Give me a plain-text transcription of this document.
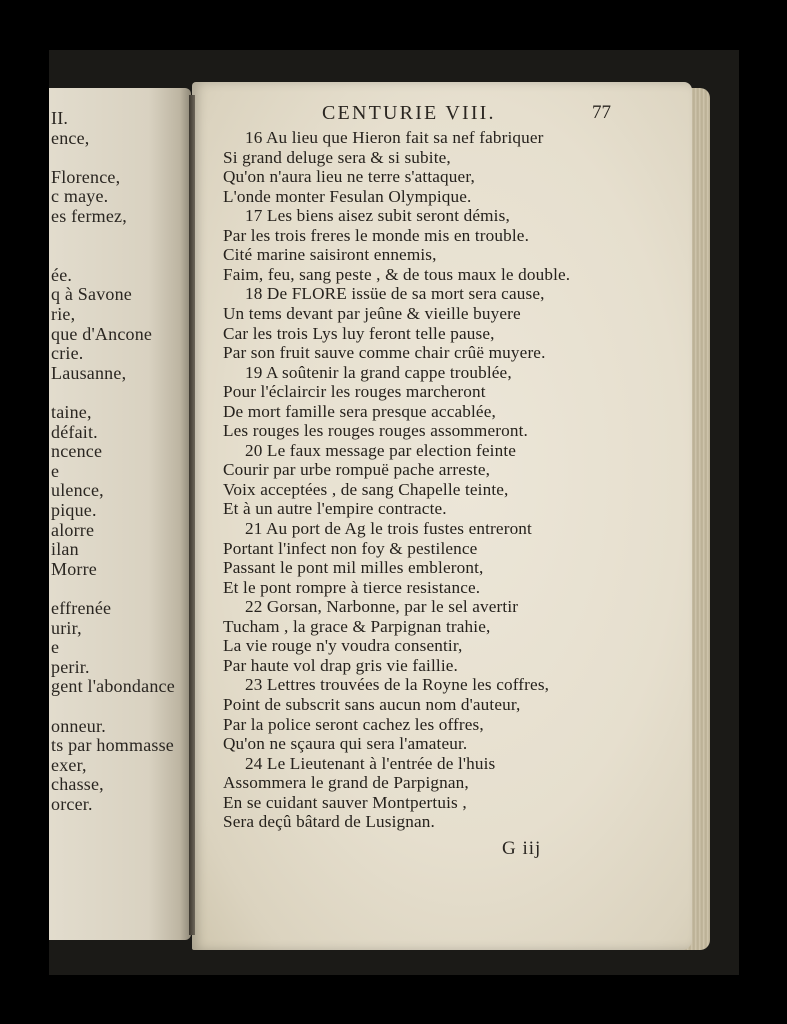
II.
ence,
Florence,
c maye.
es fermez,
ée.
q à Savone
rie,
que d'Ancone
crie.
Lausanne,
taine,
défait.
ncence
e
ulence,
pique.
alorre
ilan
Morre
effrenée
urir,
e
perir.
gent l'abondance
onneur.
ts par hommasse
exer,
chasse,
orcer.
CENTURIE VIII.	77
16 Au lieu que Hieron fait sa nef fabriquer
Si grand deluge sera & si subite,
Qu'on n'aura lieu ne terre s'attaquer,
L'onde monter Fesulan Olympique.
17 Les biens aisez subit seront démis,
Par les trois freres le monde mis en trouble.
Cité marine saisiront ennemis,
Faim, feu, sang peste , & de tous maux le double.
18 De FLORE issüe de sa mort sera cause,
Un tems devant par jeûne & vieille buyere
Car les trois Lys luy feront telle pause,
Par son fruit sauve comme chair crûë muyere.
19 A soûtenir la grand cappe troublée,
Pour l'éclaircir les rouges marcheront
De mort famille sera presque accablée,
Les rouges les rouges rouges assommeront.
20 Le faux message par election feinte
Courir par urbe rompuë pache arreste,
Voix acceptées , de sang Chapelle teinte,
Et à un autre l'empire contracte.
21 Au port de Ag le trois fustes entreront
Portant l'infect non foy & pestilence
Passant le pont mil milles embleront,
Et le pont rompre à tierce resistance.
22 Gorsan, Narbonne, par le sel avertir
Tucham , la grace & Parpignan trahie,
La vie rouge n'y voudra consentir,
Par haute vol drap gris vie faillie.
23 Lettres trouvées de la Royne les coffres,
Point de subscrit sans aucun nom d'auteur,
Par la police seront cachez les offres,
Qu'on ne sçaura qui sera l'amateur.
24 Le Lieutenant à l'entrée de l'huis
Assommera le grand de Parpignan,
En se cuidant sauver Montpertuis ,
Sera deçû bâtard de Lusignan.
G iij
